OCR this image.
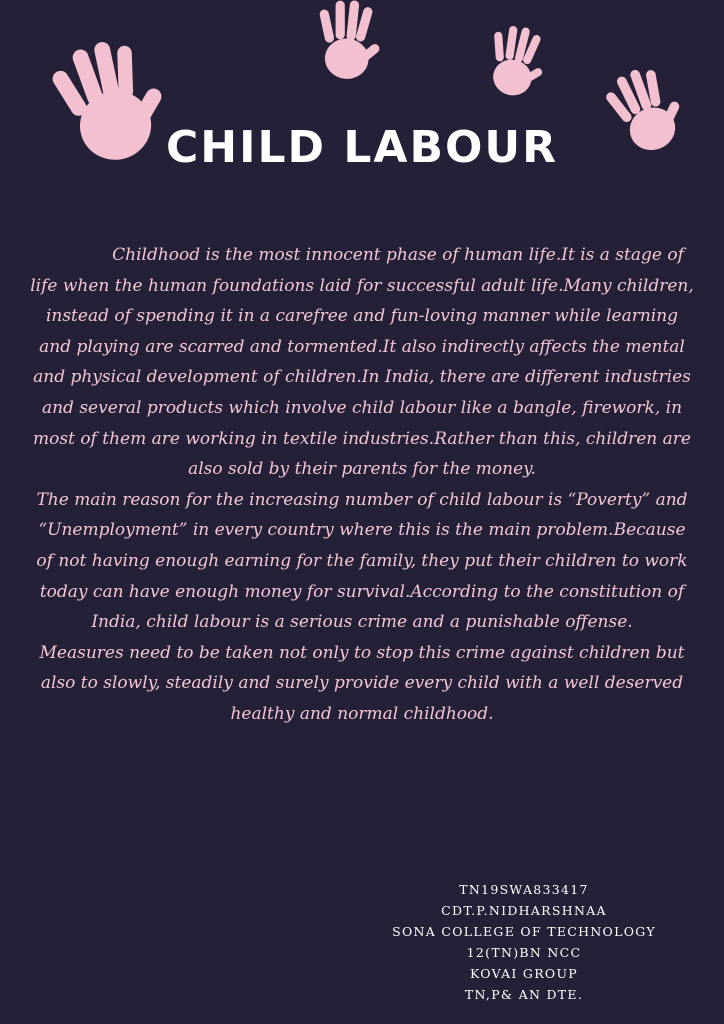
CHILD LABOUR

Childhood is the most innocent phase of human life.It is a stage of life when the human foundations laid for successful adult life.Many children, instead of spending it in a carefree and fun-loving manner while learning and playing are scarred and tormented.It also indirectly affects the mental and physical development of children.In India, there are different industries and several products which involve child labour like a bangle, firework, in most of them are working in textile industries.Rather than this, children are also sold by their parents for the money.

The main reason for the increasing number of child labour is “Poverty” and “Unemployment” in every country where this is the main problem.Because of not having enough earning for the family, they put their children to work today can have enough money for survival.According to the constitution of India, child labour is a serious crime and a punishable offense.

Measures need to be taken not only to stop this crime against children but also to slowly, steadily and surely provide every child with a well deserved healthy and normal childhood.

TN19SWA833417
CDT.P.NIDHARSHNAA
SONA COLLEGE OF TECHNOLOGY
12(TN)BN NCC
KOVAI GROUP
TN,P& AN DTE.
